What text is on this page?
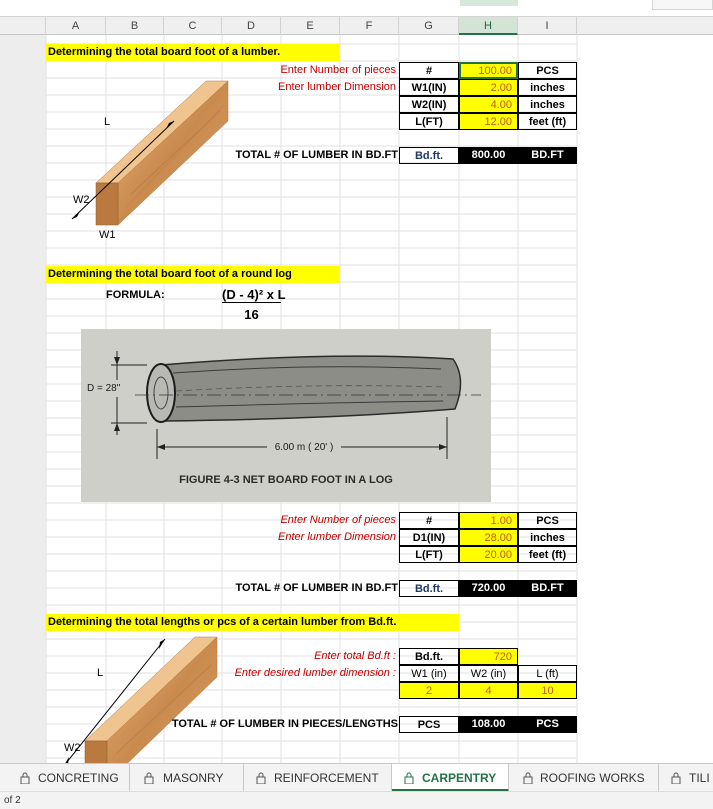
A	B	C	D	E	F	G	H	I
Determining the total board foot of a lumber.
L
W2
W1
Enter Number of pieces
Enter lumber Dimension
#	100.00	PCS
W1(IN)	2.00	inches
W2(IN)	4.00	inches
L(FT)	12.00	feet (ft)
TOTAL # OF LUMBER IN BD.FT	Bd.ft.	800.00	BD.FT
Determining the total board foot of a round log
FORMULA:	(D - 4)² x L
16
D = 28"
6.00 m ( 20' )
FIGURE 4-3 NET BOARD FOOT IN A LOG
Enter Number of pieces
Enter lumber Dimension
#	1.00	PCS
D1(IN)	28.00	inches
L(FT)	20.00	feet (ft)
TOTAL # OF LUMBER IN BD.FT	Bd.ft.	720.00	BD.FT
Determining the total lengths or pcs of a certain lumber from Bd.ft.
L
W2
Enter total Bd.ft :
Enter desired lumber dimension :
Bd.ft.	720
W1 (in)	W2 (in)	L (ft)
2	4	10
TOTAL # OF LUMBER IN PIECES/LENGTHS	PCS	108.00	PCS
CONCRETING	MASONRY	REINFORCEMENT	CARPENTRY	ROOFING WORKS	TILI
of 2
